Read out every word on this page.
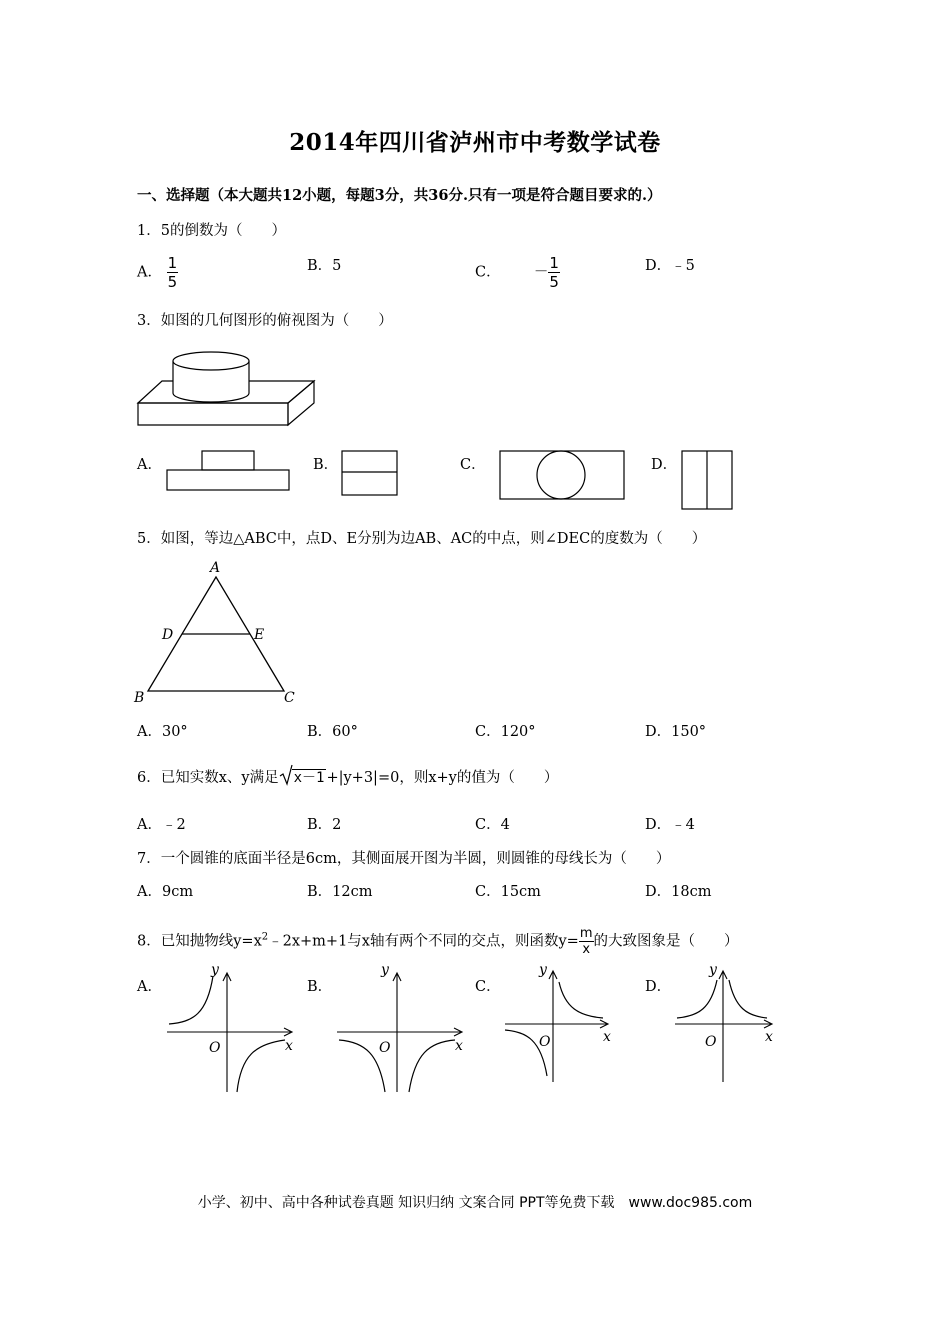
2014年四川省泸州市中考数学试卷
一、选择题（本大题共12小题，每题3分，共36分.只有一项是符合题目要求的.）
1．5的倒数为（　　）
A． $\frac{1}{5}$	B．5	C． － $\frac{1}{5}$	D．﹣5
3．如图的几何图形的俯视图为（　　）
A．	B．	C．	D．
5．如图，等边△ABC中，点D、E分别为边AB、AC的中点，则∠DEC的度数为（　　）
A
B	C
D	E
A．30°	B．60°	C．120°	D．150°
6．已知实数x、y满足 x－1 +|y+3|=0，则x+y的值为（　　）
A．﹣2	B．2	C．4	D．﹣4
7．一个圆锥的底面半径是6cm，其侧面展开图为半圆，则圆锥的母线长为（　　）
A．9cm	B．12cm	C．15cm	D．18cm
8．已知抛物线$y=x^2﹣2x+m+1$与x轴有两个不同的交点，则函数$y= \frac{m}{x}$ 的大致图象是（　　）
A．
y
x
O
B．
y
x
O
C．
y
x
O
D．
y
x
O
小学、初中、高中各种试卷真题 知识归纳 文案合同 PPT等免费下载　www.doc985.com
